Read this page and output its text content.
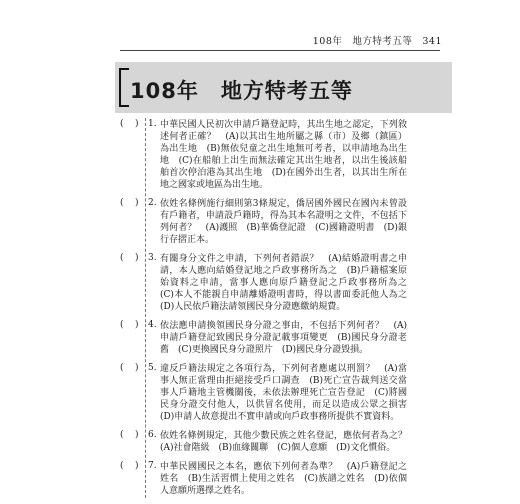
108年　地方特考五等　341
108年　地方特考五等
(    ) 1. 中華民國人民初次申請戶籍登記時，其出生地之認定，下列敘述何者正確？　(A)以其出生地所屬之縣（市）及鄉（鎮區）為出生地　(B)無依兒童之出生地無可考者，以申請地為出生地　(C)在船舶上出生而無法確定其出生地者，以出生後該船舶首次停泊港為其出生地　(D)在國外出生者，以其出生所在地之國家或地區為出生地。
(    ) 2. 依姓名條例施行細則第3條規定，僑居國外國民在國內未曾設有戶籍者，申請設戶籍時，得為其本名證明之文件，不包括下列何者？　(A)護照　(B)華僑登記證　(C)國籍證明書　(D)銀行存摺正本。
(    ) 3. 有關身分文件之申請，下列何者錯誤？　(A)結婚證明書之申請，本人應向結婚登記地之戶政事務所為之　(B)戶籍檔案原始資料之申請，當事人應向原戶籍登記之戶政事務所為之　(C)本人不能親自申請離婚證明書時，得以書面委託他人為之　(D)人民依戶籍法請領國民身分證應繳納規費。
(    ) 4. 依法應申請換領國民身分證之事由，不包括下列何者？　(A)申請戶籍登記致國民身分證記載事項變更　(B)國民身分證老舊　(C)更換國民身分證照片　(D)國民身分證毀損。
(    ) 5. 違反戶籍法規定之各項行為，下列何者應處以刑罰？　(A)當事人無正當理由拒絕接受戶口調查　(B)死亡宣告裁判送交當事人戶籍地主管機關後，未依法辦理死亡宣告登記　(C)將國民身分證交付他人，以供冒名使用，而足以造成公眾之損害　(D)申請人故意提出不實申請或向戶政事務所提供不實資料。
(    ) 6. 依姓名條例規定，其他少數民族之姓名登記，應依何者為之？　(A)社會階級　(B)血緣關聯　(C)個人意願　(D)文化慣俗。
(    ) 7. 中華民國國民之本名，應依下列何者為準？　(A)戶籍登記之姓名　(B)生活習慣上使用之姓名　(C)族譜之姓名　(D)依個人意願所選擇之姓名。
